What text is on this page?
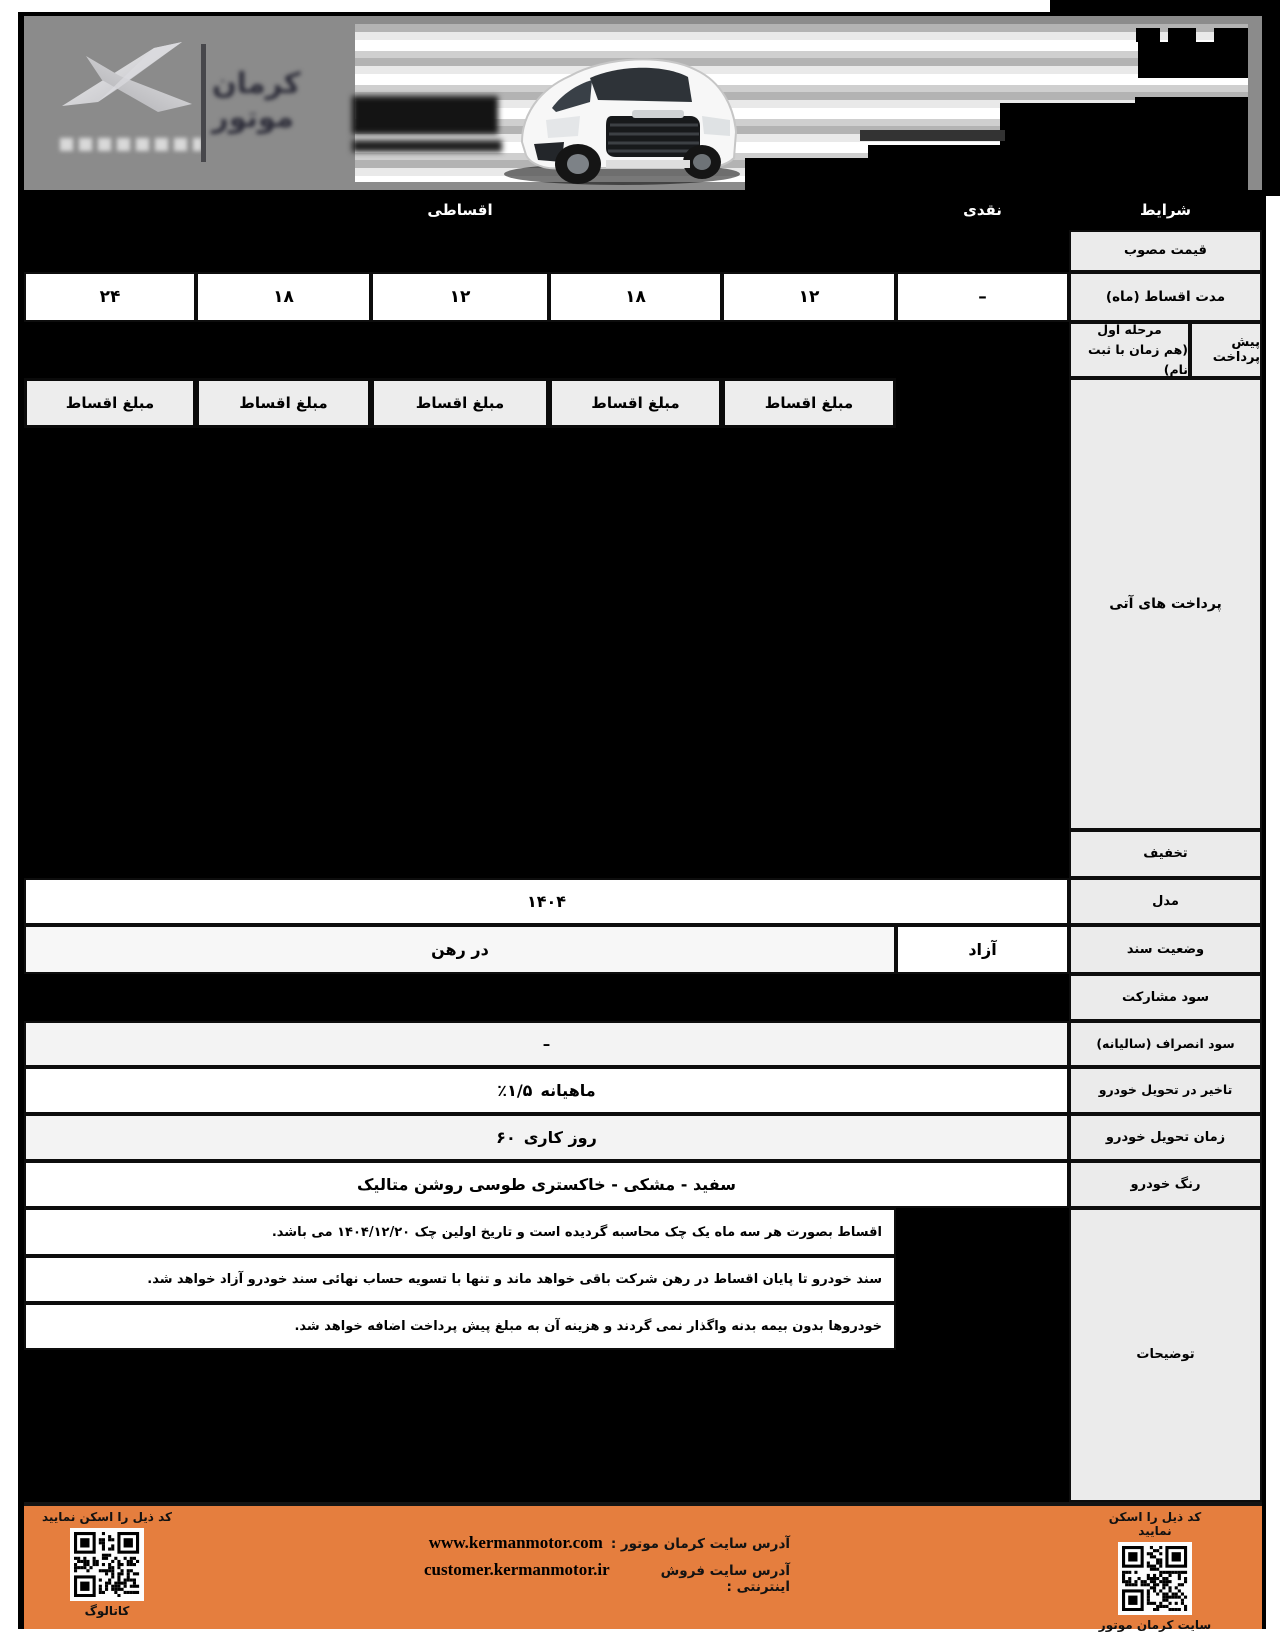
کرمان موتور
شرایط
نقدی
اقساطی
قیمت مصوب
مدت اقساط (ماه)
–
۱۲
۱۸
۱۲
۱۸
۲۴
پیش پرداخت
مرحله اول
(هم زمان با ثبت نام)
پرداخت های آتی
مبلغ اقساط
مبلغ اقساط
مبلغ اقساط
مبلغ اقساط
مبلغ اقساط
تخفیف
مدل
۱۴۰۴
وضعیت سند
آزاد
در رهن
سود مشارکت
سود انصراف (سالیانه)
–
تاخیر در تحویل خودرو
٪۱/۵ ماهیانه
زمان تحویل خودرو
۶۰ روز کاری
رنگ خودرو
سفید - مشکی - خاکستری طوسی روشن متالیک
توضیحات
اقساط بصورت هر سه ماه یک چک محاسبه گردیده است و تاریخ اولین چک ۱۴۰۴/۱۲/۲۰ می باشد.
سند خودرو تا پایان اقساط در رهن شرکت باقی خواهد ماند و تنها با تسویه حساب نهائی سند خودرو آزاد خواهد شد.
خودروها بدون بیمه بدنه واگذار نمی گردند و هزینه آن به مبلغ پیش پرداخت اضافه خواهد شد.
کد ذیل را اسکن نمایید
کاتالوگ
آدرس سایت کرمان موتور :
www.kermanmotor.com
آدرس سایت فروش اینترنتی :
customer.kermanmotor.ir
کد ذیل را اسکن نمایید
سایت کرمان موتور
